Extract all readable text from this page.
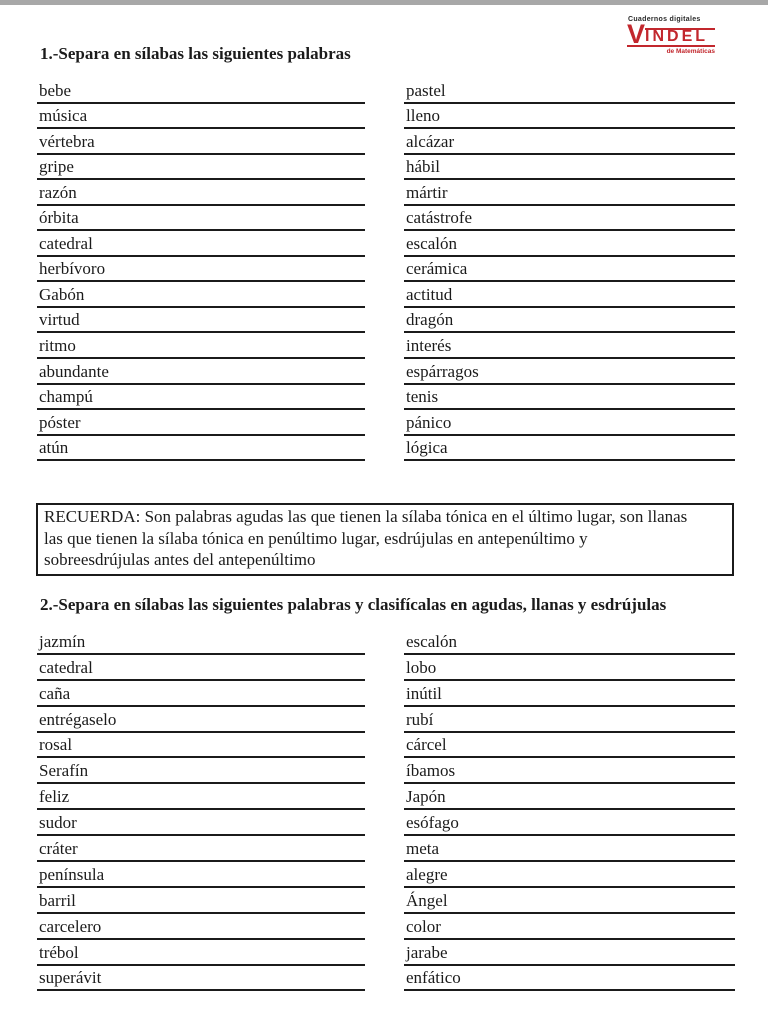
Cuadernos digitales
V INDEL
de Matemáticas
1.-Separa en sílabas las siguientes palabras
bebe
música
vértebra
gripe
razón
órbita
catedral
herbívoro
Gabón
virtud
ritmo
abundante
champú
póster
atún
pastel
lleno
alcázar
hábil
mártir
catástrofe
escalón
cerámica
actitud
dragón
interés
espárragos
tenis
pánico
lógica
RECUERDA: Son palabras agudas las que tienen la sílaba tónica en el último lugar, son llanas
las que tienen la sílaba tónica en penúltimo lugar, esdrújulas en antepenúltimo y
sobreesdrújulas antes del antepenúltimo
2.-Separa en sílabas las siguientes palabras y clasifícalas en agudas, llanas y esdrújulas
jazmín
catedral
caña
entrégaselo
rosal
Serafín
feliz
sudor
cráter
península
barril
carcelero
trébol
superávit
escalón
lobo
inútil
rubí
cárcel
íbamos
Japón
esófago
meta
alegre
Ángel
color
jarabe
enfático
